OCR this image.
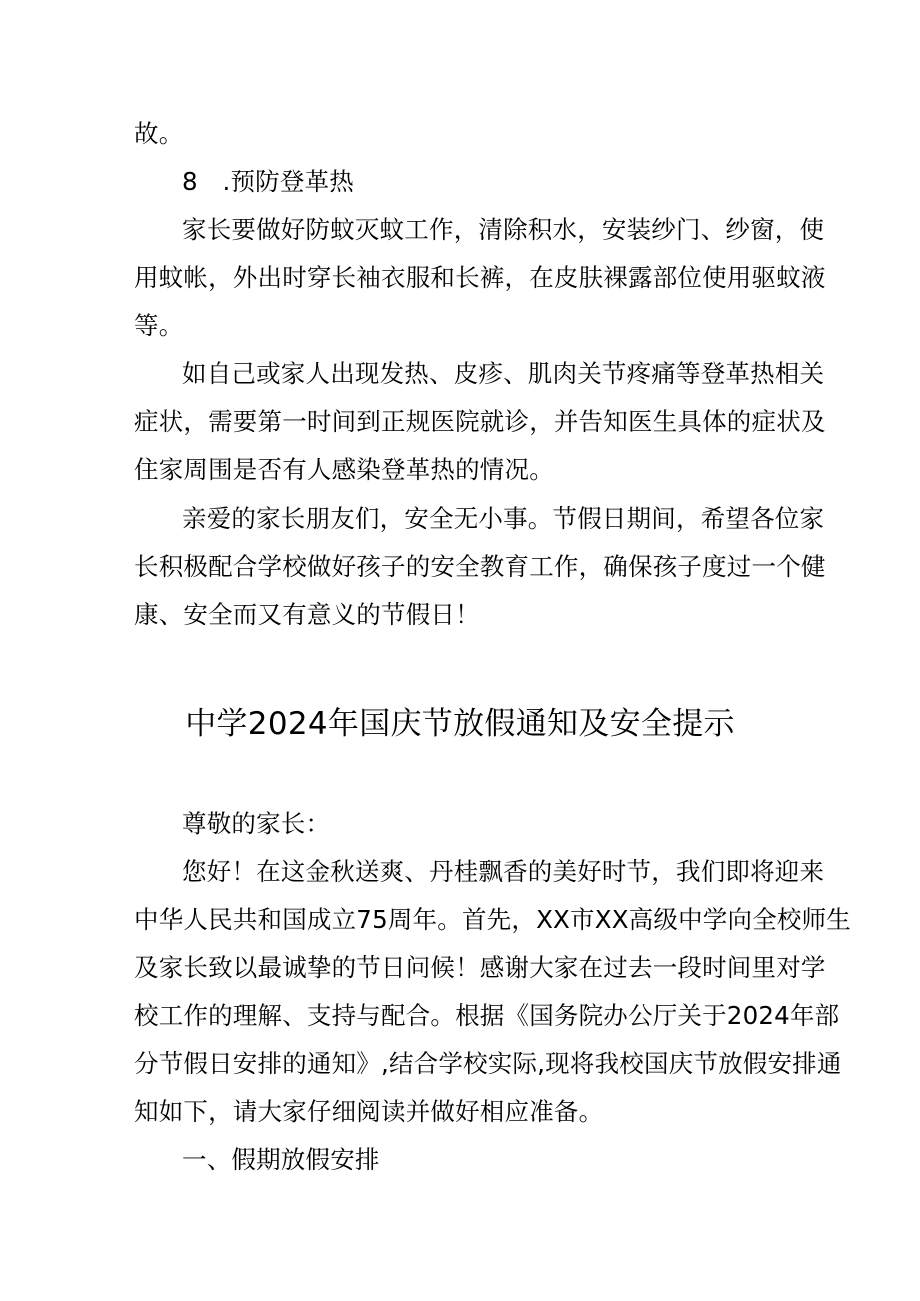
故。
8 .预防登革热
家长要做好防蚊灭蚊工作，清除积水，安装纱门、纱窗，使
用蚊帐，外出时穿长袖衣服和长裤，在皮肤裸露部位使用驱蚊液
等。
如自己或家人出现发热、皮疹、肌肉关节疼痛等登革热相关
症状，需要第一时间到正规医院就诊，并告知医生具体的症状及
住家周围是否有人感染登革热的情况。
亲爱的家长朋友们，安全无小事。节假日期间，希望各位家
长积极配合学校做好孩子的安全教育工作，确保孩子度过一个健
康、安全而又有意义的节假日！
中学2024年国庆节放假通知及安全提示
尊敬的家长：
您好！在这金秋送爽、丹桂飘香的美好时节，我们即将迎来
中华人民共和国成立75周年。首先，XX市XX高级中学向全校师生
及家长致以最诚挚的节日问候！感谢大家在过去一段时间里对学
校工作的理解、支持与配合。根据《国务院办公厅关于2024年部
分节假日安排的通知》,结合学校实际,现将我校国庆节放假安排通
知如下，请大家仔细阅读并做好相应准备。
一、假期放假安排
